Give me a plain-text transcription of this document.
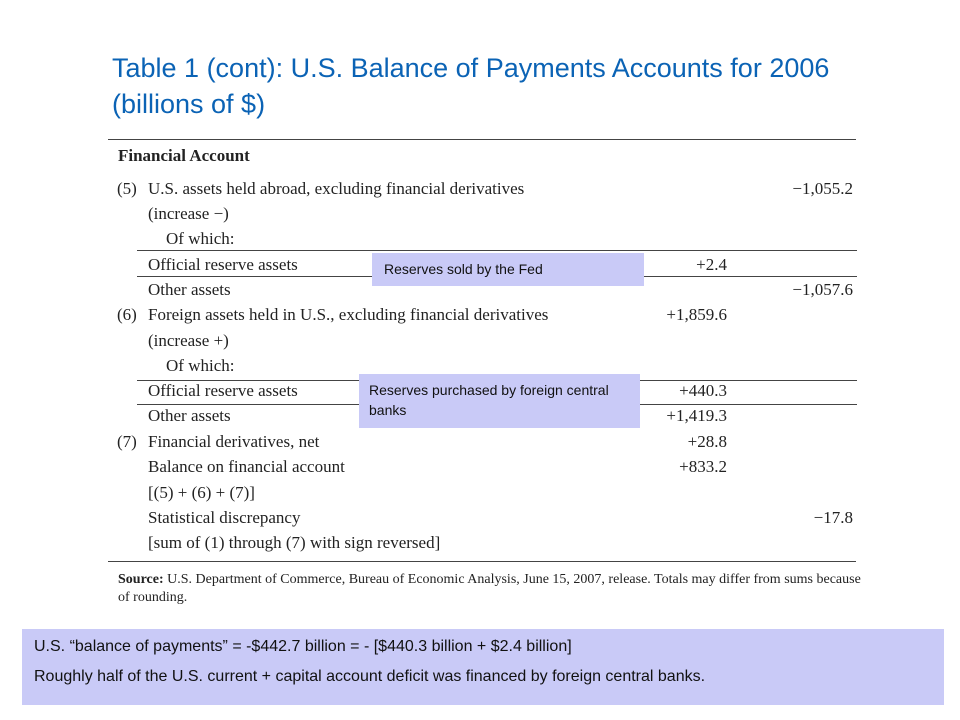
Table 1 (cont): U.S. Balance of Payments Accounts for 2006 (billions of $)
Financial Account
(5) U.S. assets held abroad, excluding financial derivatives	−1,055.2
(increase −)
Of which:
Official reserve assets	+2.4
Other assets	−1,057.6
(6) Foreign assets held in U.S., excluding financial derivatives	+1,859.6
(increase +)
Of which:
Official reserve assets	+440.3
Other assets	+1,419.3
(7) Financial derivatives, net	+28.8
Balance on financial account	+833.2
[(5) + (6) + (7)]
Statistical discrepancy	−17.8
[sum of (1) through (7) with sign reversed]
Source: U.S. Department of Commerce, Bureau of Economic Analysis, June 15, 2007, release. Totals may differ from sums because of rounding.
Reserves sold by the Fed
Reserves purchased by foreign central banks
U.S. “balance of payments” = -$442.7 billion = - [$440.3 billion + $2.4 billion]
Roughly half of the U.S. current + capital account deficit was financed by foreign central banks.
